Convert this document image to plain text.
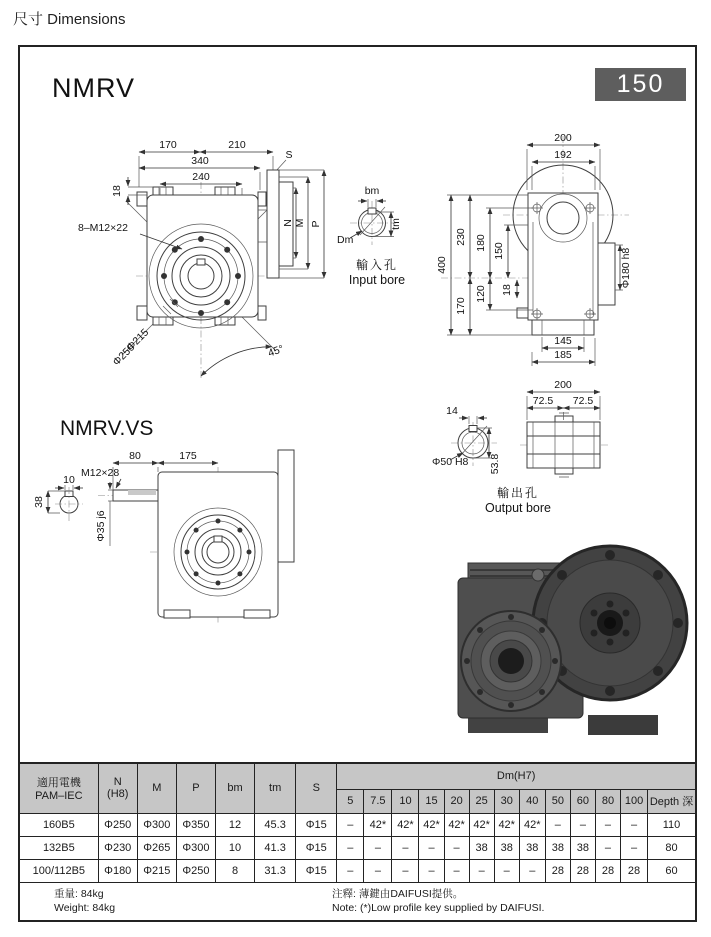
尺寸 Dimensions
NMRV	150
170	210
340
240
18
S
8–M12×22
Φ215
Φ250	45°
N M P
bm
tm
Dm
輸入孔
Input bore
200
192
400
230
170
180
120
150
18
Φ180 h8
145
185
14
Φ50 H8 53.8
200
72.5 72.5
輸出孔
Output bore
NMRV.VS
80	175
M12×28
10
38
Φ35 j6
適用電機
PAM–IEC	N
(H8)	M	P	bm	tm	S	Dm(H7)												
							5	7.5	10	15	20	25	30	40	50	60	80	100	Depth 深
160B5	Φ250	Φ300	Φ350	12	45.3	Φ15	–	42*	42*	42*	42*	42*	42*	42*	–	–	–	–	110
132B5	Φ230	Φ265	Φ300	10	41.3	Φ15	–	–	–	–	–	38	38	38	38	38	–	–	80
100/112B5	Φ180	Φ215	Φ250	8	31.3	Φ15	–	–	–	–	–	–	–	–	28	28	28	28	60

重量: 84kg
Weight: 84kg
注釋: 薄鍵由DAIFUSI提供。
Note: (*)Low profile key supplied by DAIFUSI.																			
